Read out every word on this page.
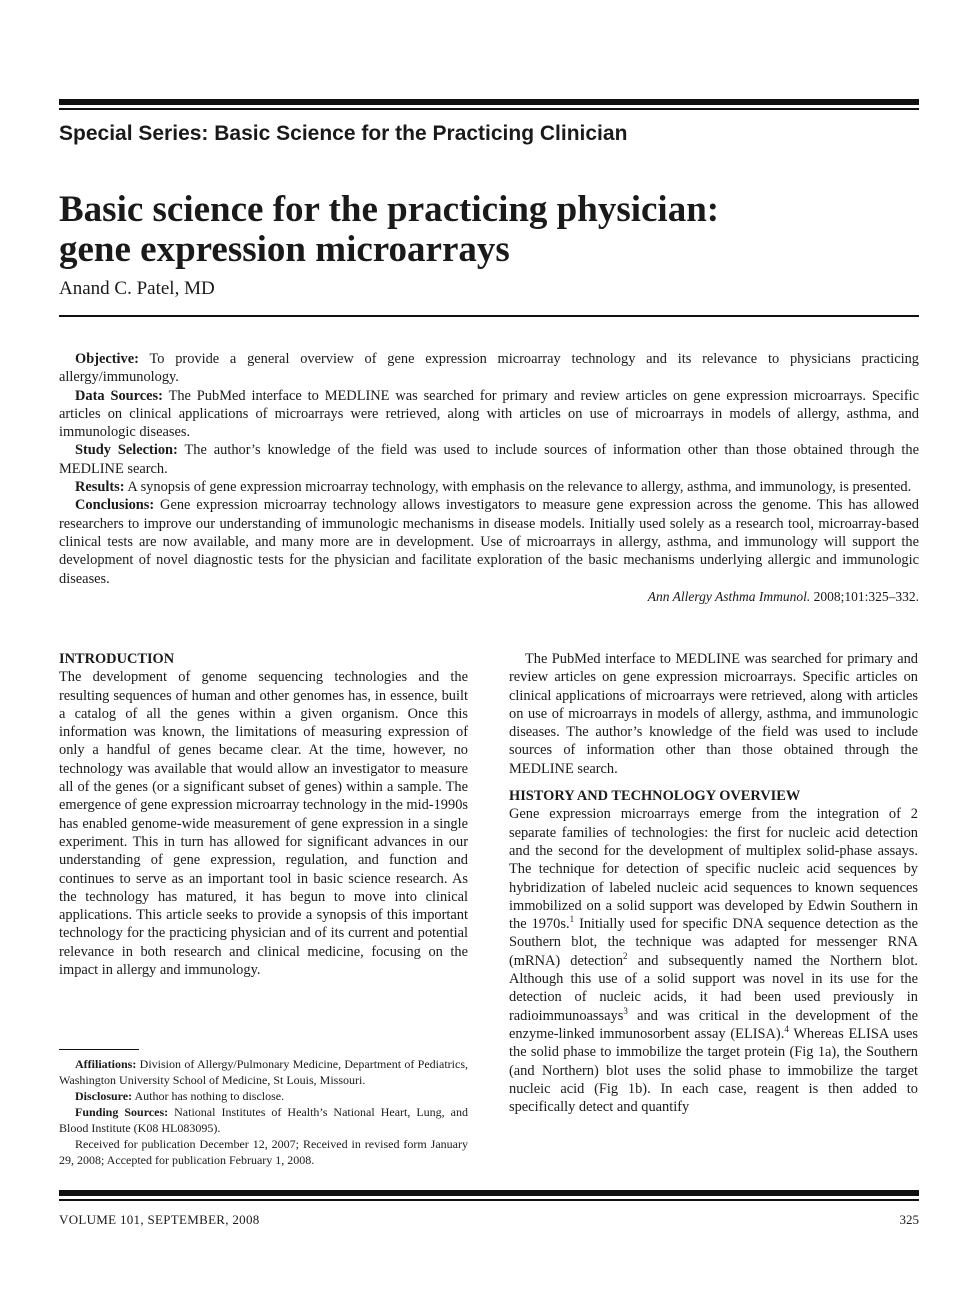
Special Series: Basic Science for the Practicing Clinician
Basic science for the practicing physician:
gene expression microarrays
Anand C. Patel, MD

Objective: To provide a general overview of gene expression microarray technology and its relevance to physicians practicing allergy/immunology.

Data Sources: The PubMed interface to MEDLINE was searched for primary and review articles on gene expression microarrays. Specific articles on clinical applications of microarrays were retrieved, along with articles on use of microarrays in models of allergy, asthma, and immunologic diseases.

Study Selection: The author’s knowledge of the field was used to include sources of information other than those obtained through the MEDLINE search.

Results: A synopsis of gene expression microarray technology, with emphasis on the relevance to allergy, asthma, and immunology, is presented.

Conclusions: Gene expression microarray technology allows investigators to measure gene expression across the genome. This has allowed researchers to improve our understanding of immunologic mechanisms in disease models. Initially used solely as a research tool, microarray-based clinical tests are now available, and many more are in development. Use of microarrays in allergy, asthma, and immunology will support the development of novel diagnostic tests for the physician and facilitate exploration of the basic mechanisms underlying allergic and immunologic diseases.

Ann Allergy Asthma Immunol. 2008;101:325–332.
INTRODUCTION

The development of genome sequencing technologies and the resulting sequences of human and other genomes has, in essence, built a catalog of all the genes within a given organism. Once this information was known, the limitations of measuring expression of only a handful of genes became clear. At the time, however, no technology was available that would allow an investigator to measure all of the genes (or a significant subset of genes) within a sample. The emergence of gene expression microarray technology in the mid-1990s has enabled genome-wide measurement of gene expression in a single experiment. This in turn has allowed for significant advances in our understanding of gene expression, regulation, and function and continues to serve as an important tool in basic science research. As the technology has matured, it has begun to move into clinical applications. This article seeks to provide a synopsis of this important technology for the practicing physician and of its current and potential relevance in both research and clinical medicine, focusing on the impact in allergy and immunology.

Affiliations: Division of Allergy/Pulmonary Medicine, Department of Pediatrics, Washington University School of Medicine, St Louis, Missouri.

Disclosure: Author has nothing to disclose.

Funding Sources: National Institutes of Health’s National Heart, Lung, and Blood Institute (K08 HL083095).

Received for publication December 12, 2007; Received in revised form January 29, 2008; Accepted for publication February 1, 2008.

The PubMed interface to MEDLINE was searched for primary and review articles on gene expression microarrays. Specific articles on clinical applications of microarrays were retrieved, along with articles on use of microarrays in models of allergy, asthma, and immunologic diseases. The author’s knowledge of the field was used to include sources of information other than those obtained through the MEDLINE search.

HISTORY AND TECHNOLOGY OVERVIEW

Gene expression microarrays emerge from the integration of 2 separate families of technologies: the first for nucleic acid detection and the second for the development of multiplex solid-phase assays. The technique for detection of specific nucleic acid sequences by hybridization of labeled nucleic acid sequences to known sequences immobilized on a solid support was developed by Edwin Southern in the 1970s.$^1$ Initially used for specific DNA sequence detection as the Southern blot, the technique was adapted for messenger RNA (mRNA) detection$^2$ and subsequently named the Northern blot. Although this use of a solid support was novel in its use for the detection of nucleic acids, it had been used previously in radioimmunoassays$^3$ and was critical in the development of the enzyme-linked immunosorbent assay (ELISA).$^4$ Whereas ELISA uses the solid phase to immobilize the target protein (Fig 1a), the Southern (and Northern) blot uses the solid phase to immobilize the target nucleic acid (Fig 1b). In each case, reagent is then added to specifically detect and quantify

VOLUME 101, SEPTEMBER, 2008	325
